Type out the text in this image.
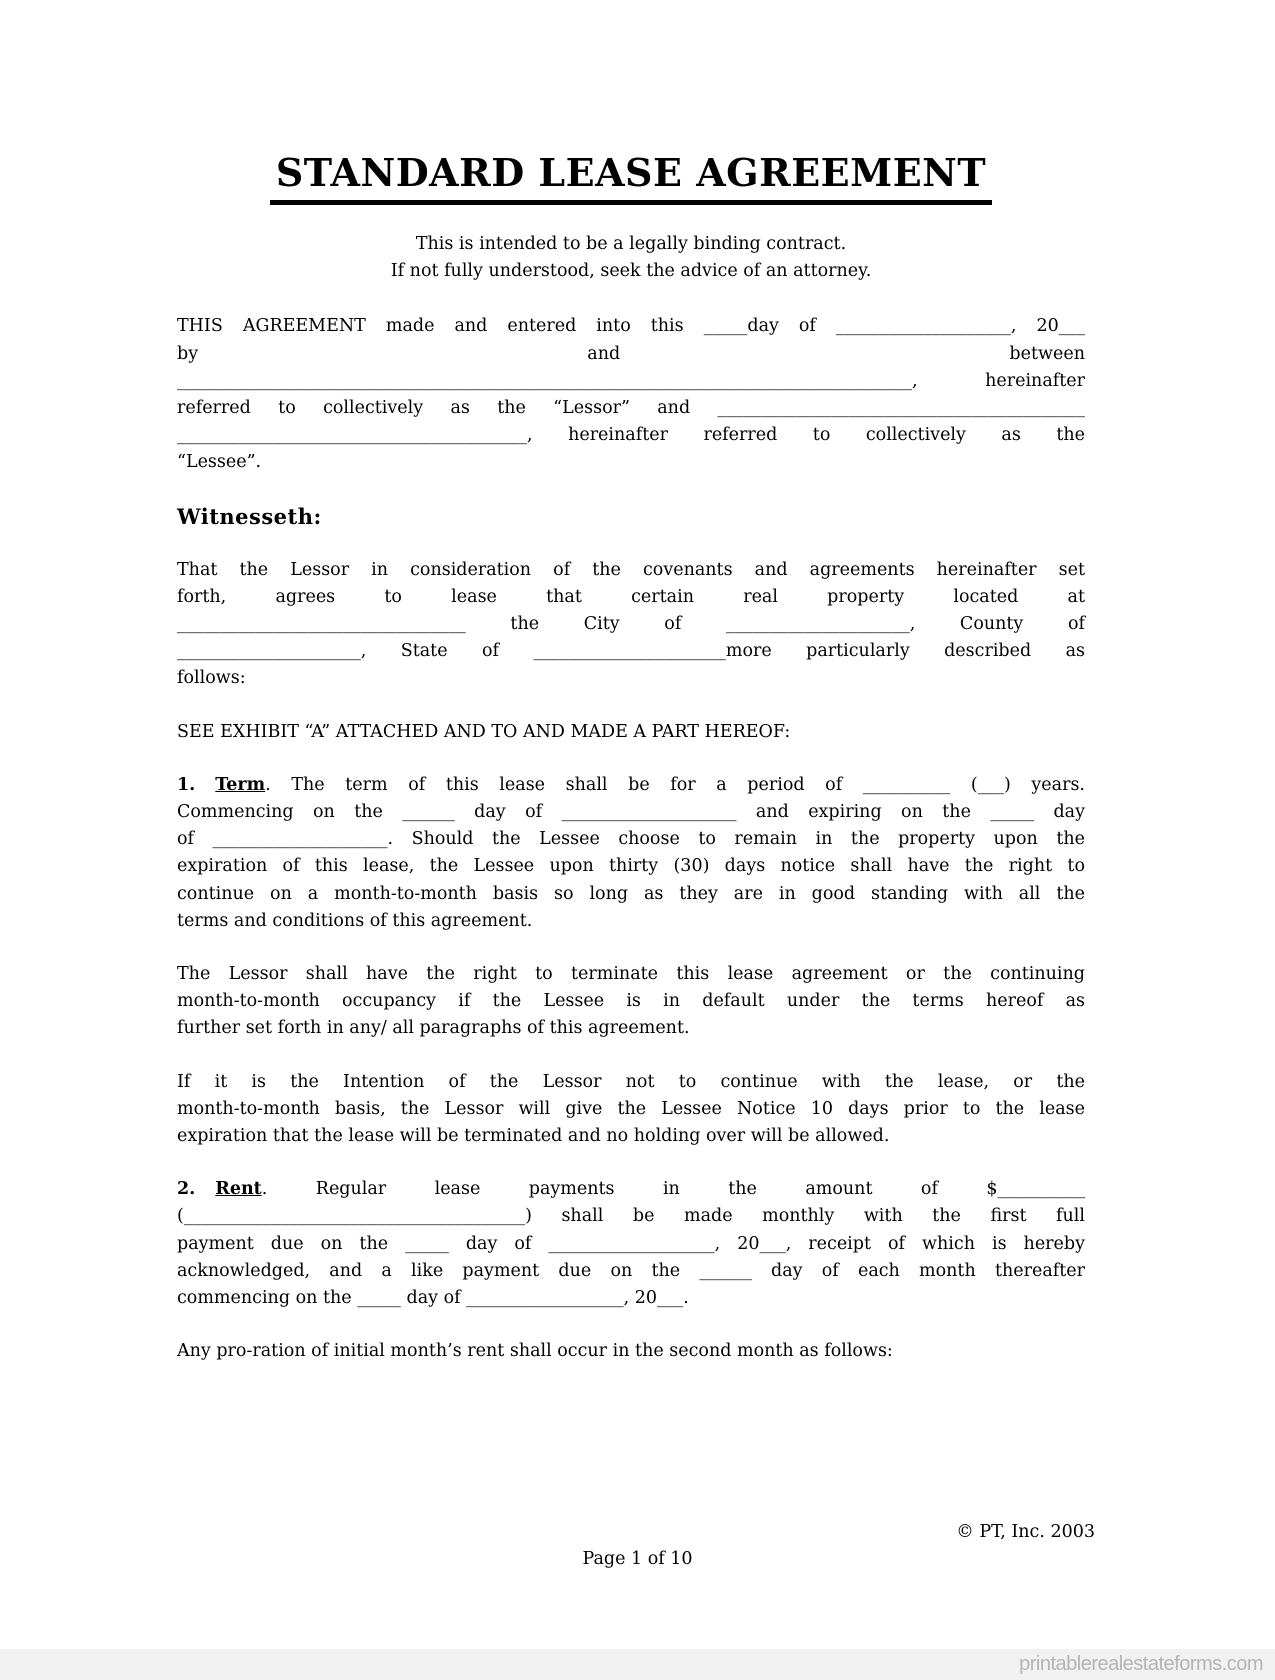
STANDARD LEASE AGREEMENT
This is intended to be a legally binding contract.
If not fully understood, seek the advice of an attorney.
THIS AGREEMENT made and entered into this _____day of ____________________, 20___
by and between
____________________________________________________________________________________, hereinafter
referred to collectively as the “Lessor” and __________________________________________
________________________________________, hereinafter referred to collectively as the
“Lessee”.
Witnesseth:
That the Lessor in consideration of the covenants and agreements hereinafter set
forth, agrees to lease that certain real property located at
_________________________________ the City of _____________________, County of
_____________________, State of ______________________more particularly described as
follows:
SEE EXHIBIT “A” ATTACHED AND TO AND MADE A PART HEREOF:
1. Term. The term of this lease shall be for a period of __________ (___) years.
Commencing on the ______ day of ____________________ and expiring on the _____ day
of ____________________. Should the Lessee choose to remain in the property upon the
expiration of this lease, the Lessee upon thirty (30) days notice shall have the right to
continue on a month-to-month basis so long as they are in good standing with all the
terms and conditions of this agreement.
The Lessor shall have the right to terminate this lease agreement or the continuing
month-to-month occupancy if the Lessee is in default under the terms hereof as
further set forth in any/ all paragraphs of this agreement.
If it is the Intention of the Lessor not to continue with the lease, or the
month-to-month basis, the Lessor will give the Lessee Notice 10 days prior to the lease
expiration that the lease will be terminated and no holding over will be allowed.
2. Rent. Regular lease payments in the amount of $__________
(_______________________________________) shall be made monthly with the first full
payment due on the _____ day of ___________________, 20___, receipt of which is hereby
acknowledged, and a like payment due on the ______ day of each month thereafter
commencing on the _____ day of __________________, 20___.
Any pro-ration of initial month’s rent shall occur in the second month as follows:
© PT, Inc. 2003
Page 1 of 10
printablerealestateforms.com
